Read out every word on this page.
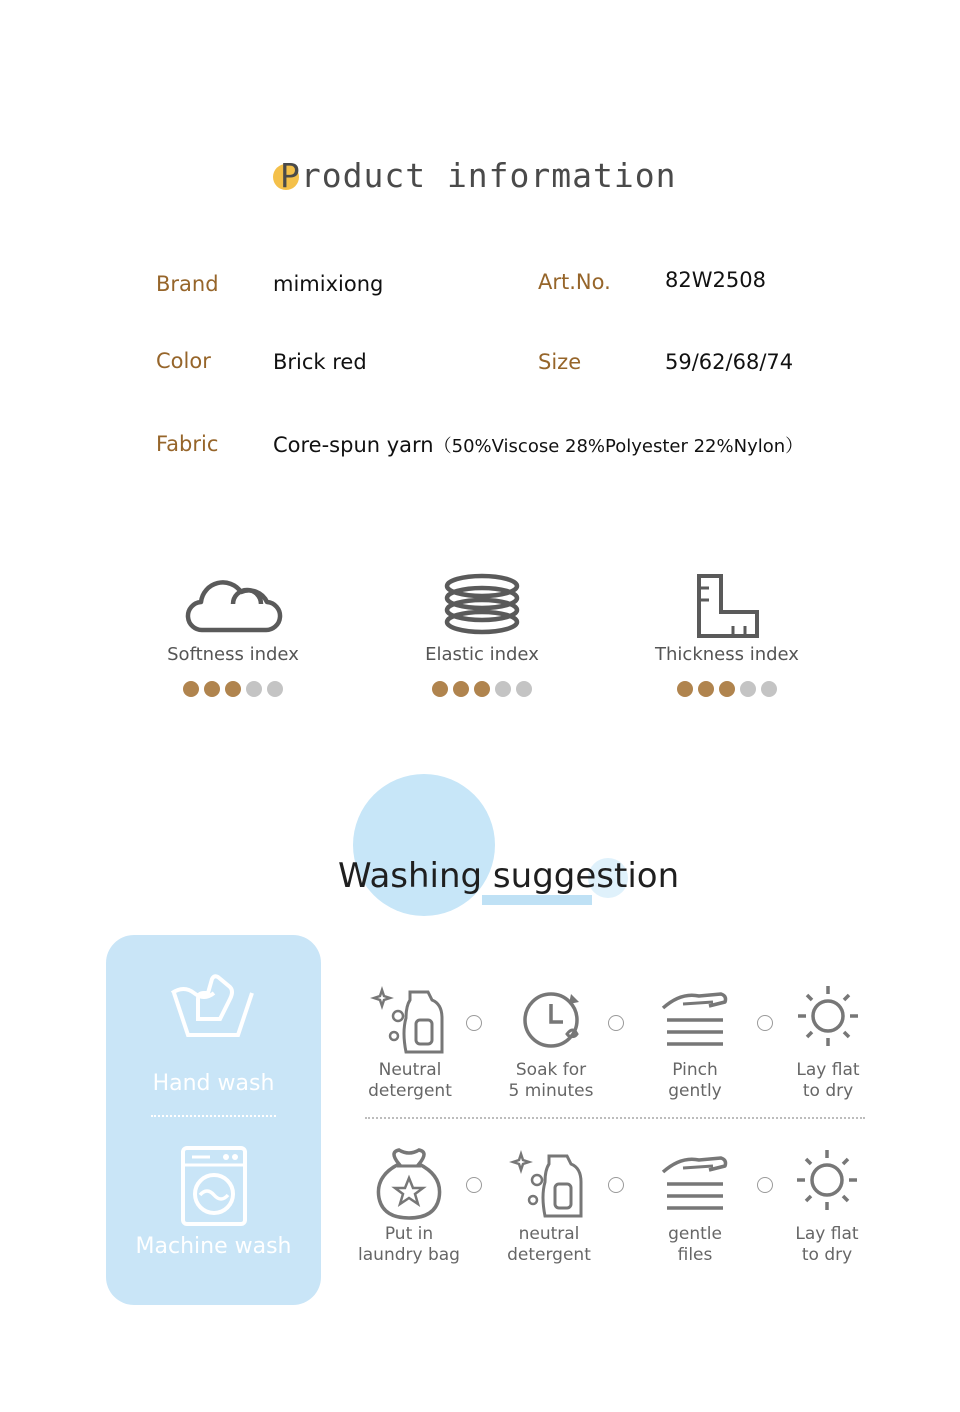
Product information
Brand	mimixiong	Art.No.	82W2508
Color	Brick red	Size	59/62/68/74
Fabric	Core-spun yarn（50%Viscose 28%Polyester 22%Nylon）
Softness index	Elastic index	Thickness index
Washing suggestion
Hand wash
Machine wash
Neutral
detergent
Soak for
5 minutes
Pinch
gently
Lay flat
to dry
Put in
laundry bag
neutral
detergent
gentle
files
Lay flat
to dry
